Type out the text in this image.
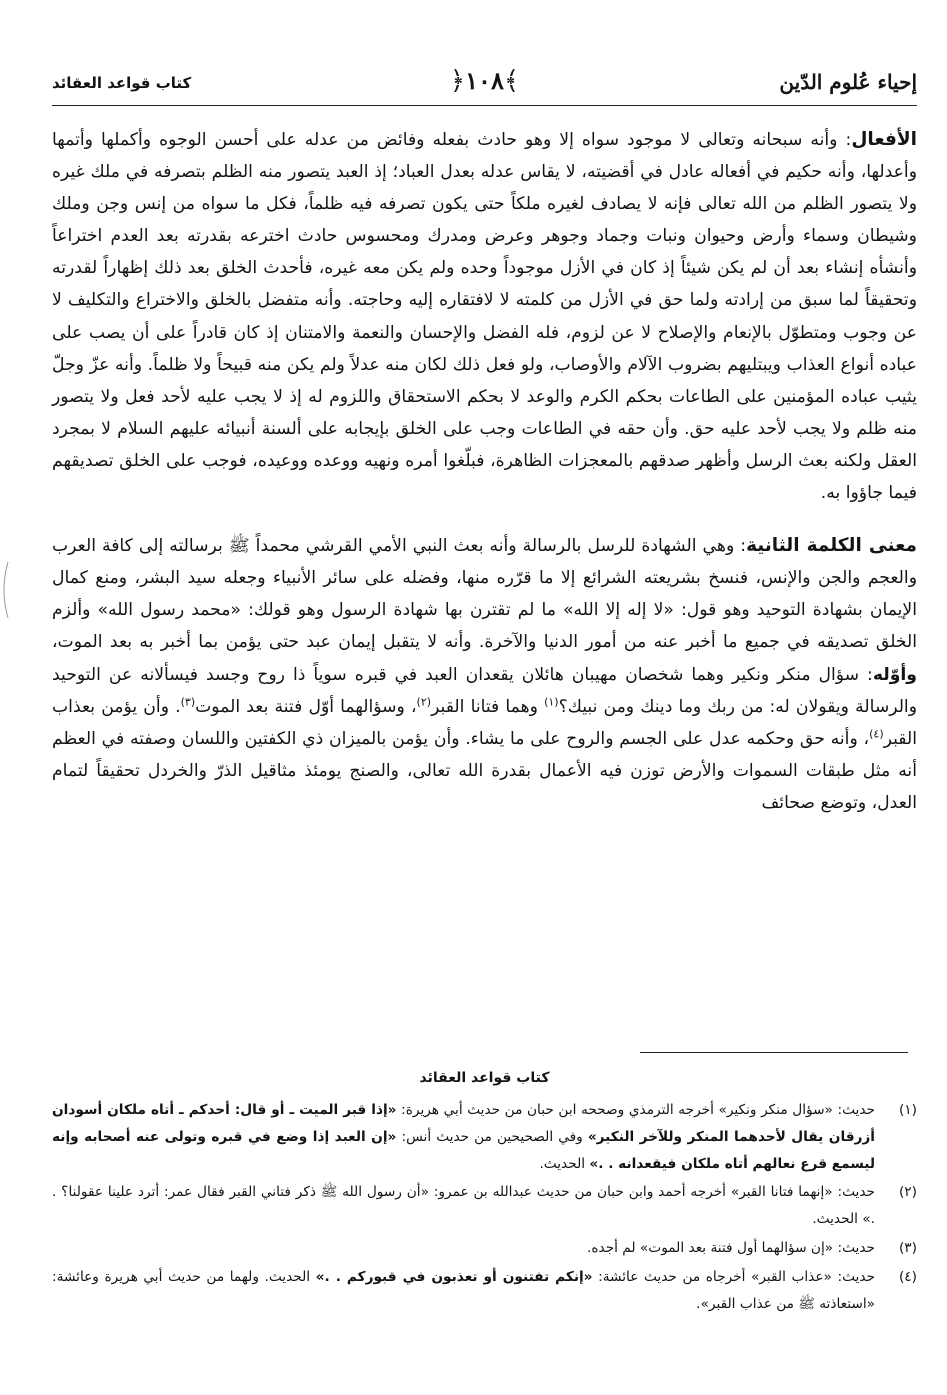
إحياء عُلوم الدّين
﴿١٠٨﴾
كتاب قواعد العقائد

الأفعال: وأنه سبحانه وتعالى لا موجود سواه إلا وهو حادث بفعله وفائض من عدله على أحسن الوجوه وأكملها وأتمها وأعدلها، وأنه حكيم في أفعاله عادل في أقضيته، لا يقاس عدله بعدل العباد؛ إذ العبد يتصور منه الظلم بتصرفه في ملك غيره ولا يتصور الظلم من الله تعالى فإنه لا يصادف لغيره ملكاً حتى يكون تصرفه فيه ظلماً، فكل ما سواه من إنس وجن وملك وشيطان وسماء وأرض وحيوان ونبات وجماد وجوهر وعرض ومدرك ومحسوس حادث اخترعه بقدرته بعد العدم اختراعاً وأنشأه إنشاء بعد أن لم يكن شيئاً إذ كان في الأزل موجوداً وحده ولم يكن معه غيره، فأحدث الخلق بعد ذلك إظهاراً لقدرته وتحقيقاً لما سبق من إرادته ولما حق في الأزل من كلمته لا لافتقاره إليه وحاجته. وأنه متفضل بالخلق والاختراع والتكليف لا عن وجوب ومتطوّل بالإنعام والإصلاح لا عن لزوم، فله الفضل والإحسان والنعمة والامتنان إذ كان قادراً على أن يصب على عباده أنواع العذاب ويبتليهم بضروب الآلام والأوصاب، ولو فعل ذلك لكان منه عدلاً ولم يكن منه قبيحاً ولا ظلماً. وأنه عزّ وجلّ يثيب عباده المؤمنين على الطاعات بحكم الكرم والوعد لا بحكم الاستحقاق واللزوم له إذ لا يجب عليه لأحد فعل ولا يتصور منه ظلم ولا يجب لأحد عليه حق. وأن حقه في الطاعات وجب على الخلق بإيجابه على ألسنة أنبيائه عليهم السلام لا بمجرد العقل ولكنه بعث الرسل وأظهر صدقهم بالمعجزات الظاهرة، فبلّغوا أمره ونهيه ووعده ووعيده، فوجب على الخلق تصديقهم فيما جاؤوا به.

معنى الكلمة الثانية: وهي الشهادة للرسل بالرسالة وأنه بعث النبي الأمي القرشي محمداً ﷺ برسالته إلى كافة العرب والعجم والجن والإنس، فنسخ بشريعته الشرائع إلا ما قرّره منها، وفضله على سائر الأنبياء وجعله سيد البشر، ومنع كمال الإيمان بشهادة التوحيد وهو قول: «لا إله إلا الله» ما لم تقترن بها شهادة الرسول وهو قولك: «محمد رسول الله» وألزم الخلق تصديقه في جميع ما أخبر عنه من أمور الدنيا والآخرة. وأنه لا يتقبل إيمان عبد حتى يؤمن بما أخبر به بعد الموت، وأوّله: سؤال منكر ونكير وهما شخصان مهيبان هائلان يقعدان العبد في قبره سوياً ذا روح وجسد فيسألانه عن التوحيد والرسالة ويقولان له: من ربك وما دينك ومن نبيك؟$^{(١)}$ وهما فتانا القبر$^{(٢)}$، وسؤالهما أوّل فتنة بعد الموت$^{(٣)}$. وأن يؤمن بعذاب القبر$^{(٤)}$، وأنه حق وحكمه عدل على الجسم والروح على ما يشاء. وأن يؤمن بالميزان ذي الكفتين واللسان وصفته في العظم أنه مثل طبقات السموات والأرض توزن فيه الأعمال بقدرة الله تعالى، والصنج يومئذ مثاقيل الذرّ والخردل تحقيقاً لتمام العدل، وتوضع صحائف

كتاب قواعد العقائد
(١)
حديث: «سؤال منكر ونكير» أخرجه الترمذي وصححه ابن حبان من حديث أبي هريرة: «إذا قبر الميت ـ أو قال: أحدكم ـ أتاه ملكان أسودان أزرقان يقال لأحدهما المنكر وللآخر النكير» وفي الصحيحين من حديث أنس: «إن العبد إذا وضع في قبره وتولى عنه أصحابه وإنه ليسمع قرع نعالهم أتاه ملكان فيقعدانه . .» الحديث.
(٢)
حديث: «إنهما فتانا القبر» أخرجه أحمد وابن حبان من حديث عبدالله بن عمرو: «أن رسول الله ﷺ ذكر فتاني القبر فقال عمر: أترد علينا عقولنا؟ . .» الحديث.
(٣)
حديث: «إن سؤالهما أول فتنة بعد الموت» لم أجده.
(٤)
حديث: «عذاب القبر» أخرجاه من حديث عائشة: «إنكم تفتنون أو تعذبون في قبوركم . .» الحديث. ولهما من حديث أبي هريرة وعائشة: «استعاذته ﷺ من عذاب القبر».
